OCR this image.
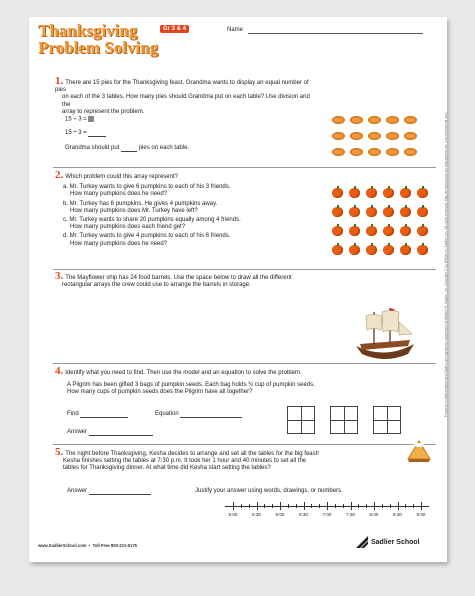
Thanksgiving
Problem Solving
Gr 3 & 4	Name
1. There are 15 pies for the Thanksgiving feast. Grandma wants to display an equal number of pies
on each of the 3 tables. How many pies should Grandma put on each table? Use division and the
array to represent the problem.
15 ÷ 3 =
15 ÷ 3 =
Grandma should put	pies on each table.
2. Which problem could this array represent?
a. Mr. Turkey wants to give 6 pumpkins to each of his 3 friends.
How many pumpkins does he need?
b. Mr. Turkey has 6 pumpkins. He gives 4 pumpkins away.
How many pumpkins does Mr. Turkey have left?
c. Mr. Turkey wants to share 20 pumpkins equally among 4 friends.
How many pumpkins does each friend get?
d. Mr. Turkey wants to give 4 pumpkins to each of his 6 friends.
How many pumpkins does he need?
3. The Mayflower ship has 24 food barrels. Use the space below to draw all the different
rectangular arrays the crew could use to arrange the barrels in storage.
4. Identify what you need to find. Then use the model and an equation to solve the problem.
A Pilgrim has been gifted 3 bags of pumpkin seeds. Each bag holds ¾ cup of pumpkin seeds.
How many cups of pumpkin seeds does the Pilgrim have all together?
Find	Equation
Answer
5. The night before Thanksgiving, Kesha decides to arrange and set all the tables for the big feast!
Kesha finishes setting the tables at 7:30 p.m. It took her 1 hour and 40 minutes to set all the
tables for Thanksgiving dinner. At what time did Kesha start setting the tables?
Answer	Justify your answer using words, drawings, or numbers.
5:00	5:30	6:00	6:30	7:00	7:30	8:00	8:30	9:00
www.SadlierSchool.com  •  Toll Free 800-221-5175	Sadlier School
Progress in Mathematics and Sadlier are registered trademarks of William H. Sadlier, Inc. Copyright © by William H. Sadlier, Inc. All rights reserved. May be reproduced for educational use (not commercial use).
